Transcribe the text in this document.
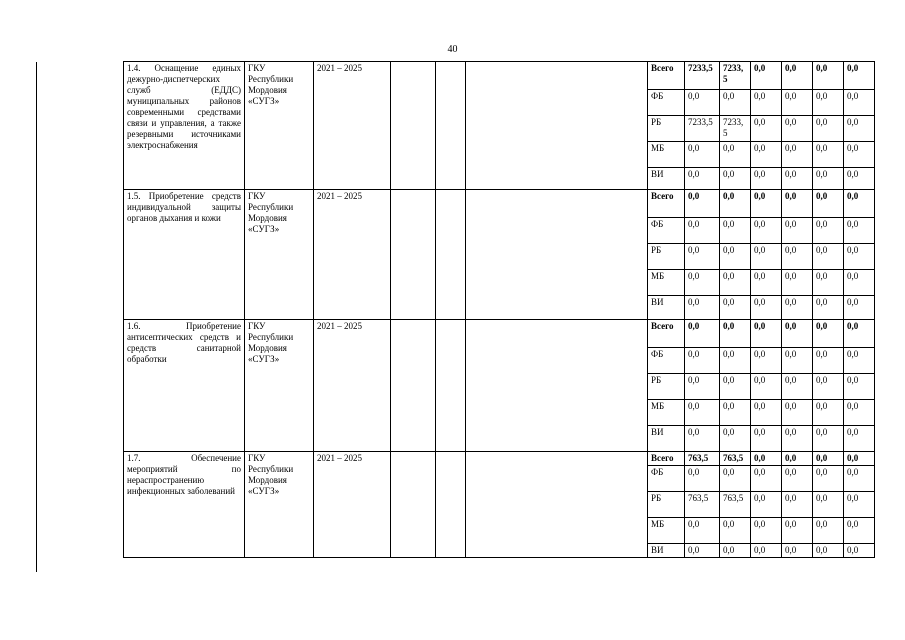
40
1.4. Оснащение единых дежурно-диспетчерских служб (ЕДДС) муниципальных районов современными средствами связи и управления, а также резервными источниками электроснабжения	ГКУ Республики Мордовия «СУГЗ»	2021 – 2025				Всего	7233,5	7233,5	0,0	0,0	0,0	0,0	
						ФБ	0,0	0,0	0,0	0,0	0,0	0,0	
						РБ	7233,5	7233,5	0,0	0,0	0,0	0,0	
						МБ	0,0	0,0	0,0	0,0	0,0	0,0	
						ВИ	0,0	0,0	0,0	0,0	0,0	0,0	
1.5. Приобретение средств индивидуальной защиты органов дыхания и кожи	ГКУ Республики Мордовия «СУГЗ»	2021 – 2025				Всего	0,0	0,0	0,0	0,0	0,0	0,0	
						ФБ	0,0	0,0	0,0	0,0	0,0	0,0	
						РБ	0,0	0,0	0,0	0,0	0,0	0,0	
						МБ	0,0	0,0	0,0	0,0	0,0	0,0	
						ВИ	0,0	0,0	0,0	0,0	0,0	0,0	
1.6. Приобретение антисептических средств и средств санитарной обработки	ГКУ Республики Мордовия «СУГЗ»	2021 – 2025				Всего	0,0	0,0	0,0	0,0	0,0	0,0	
						ФБ	0,0	0,0	0,0	0,0	0,0	0,0	
						РБ	0,0	0,0	0,0	0,0	0,0	0,0	
						МБ	0,0	0,0	0,0	0,0	0,0	0,0	
						ВИ	0,0	0,0	0,0	0,0	0,0	0,0	
1.7. Обеспечение мероприятий по нераспространению инфекционных заболеваний	ГКУ Республики Мордовия «СУГЗ»	2021 – 2025				Всего	763,5	763,5	0,0	0,0	0,0	0,0	
						ФБ	0,0	0,0	0,0	0,0	0,0	0,0	
						РБ	763,5	763,5	0,0	0,0	0,0	0,0	
						МБ	0,0	0,0	0,0	0,0	0,0	0,0	
						ВИ	0,0	0,0	0,0	0,0	0,0	0,0	
